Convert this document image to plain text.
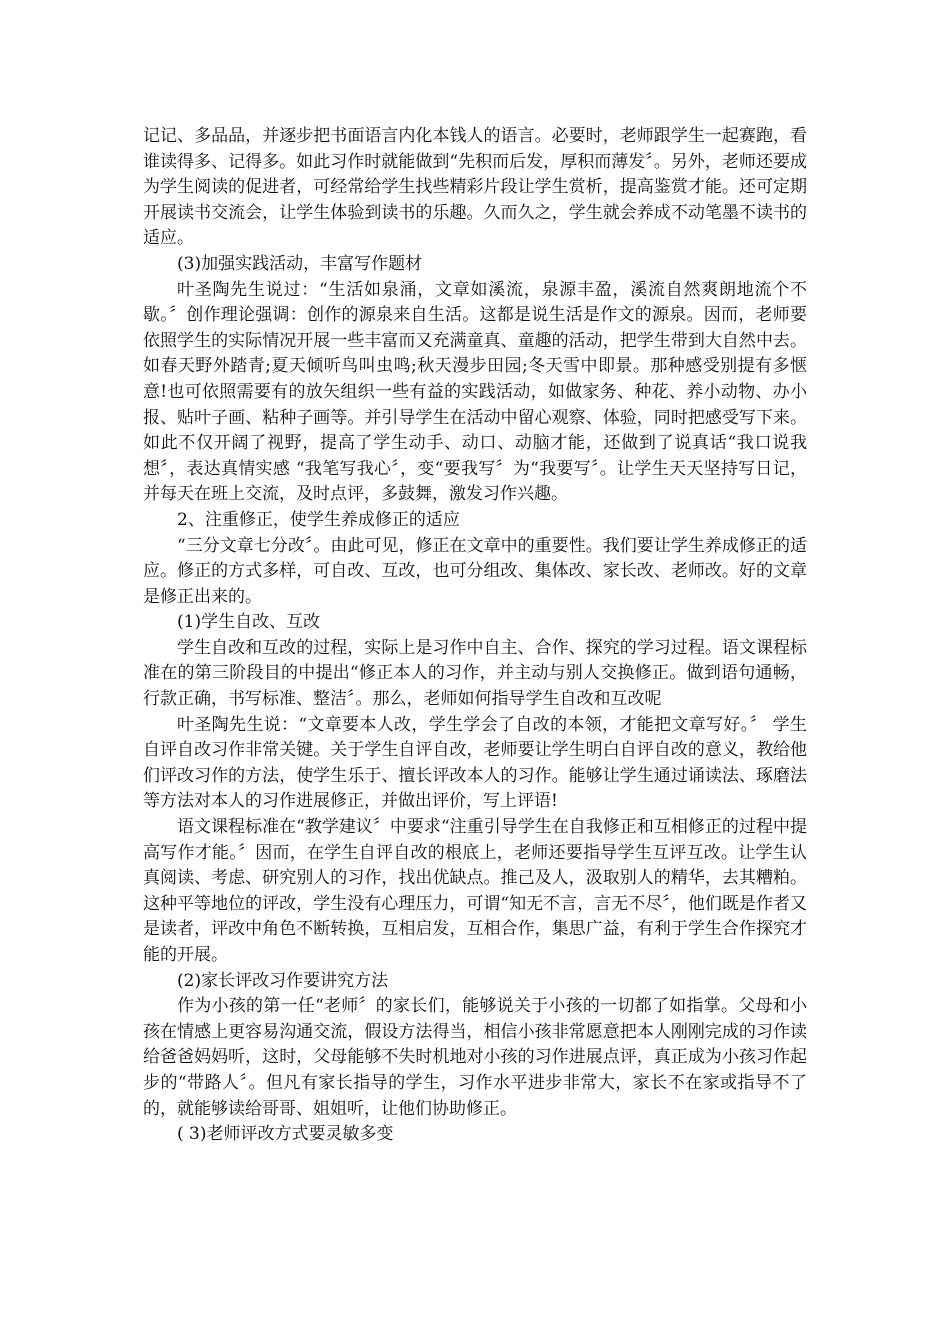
记记、多品品，并逐步把书面语言内化本钱人的语言。必要时，老师跟学生一起赛跑，看谁读得多、记得多。如此习作时就能做到“先积而后发，厚积而薄发〞。另外，老师还要成为学生阅读的促进者，可经常给学生找些精彩片段让学生赏析，提高鉴赏才能。还可定期开展读书交流会，让学生体验到读书的乐趣。久而久之，学生就会养成不动笔墨不读书的适应。

(3)加强实践活动，丰富写作题材

叶圣陶先生说过：“生活如泉涌，文章如溪流，泉源丰盈，溪流自然爽朗地流个不歇。〞创作理论强调：创作的源泉来自生活。这都是说生活是作文的源泉。因而，老师要依照学生的实际情况开展一些丰富而又充满童真、童趣的活动，把学生带到大自然中去。如春天野外踏青;夏天倾听鸟叫虫鸣;秋天漫步田园;冬天雪中即景。那种感受别提有多惬意!也可依照需要有的放矢组织一些有益的实践活动，如做家务、种花、养小动物、办小报、贴叶子画、粘种子画等。并引导学生在活动中留心观察、体验，同时把感受写下来。如此不仅开阔了视野，提高了学生动手、动口、动脑才能，还做到了说真话“我口说我想〞，表达真情实感 “我笔写我心〞，变“要我写〞为“我要写〞。让学生天天坚持写日记，并每天在班上交流，及时点评，多鼓舞，激发习作兴趣。

2、注重修正，使学生养成修正的适应

“三分文章七分改〞。由此可见，修正在文章中的重要性。我们要让学生养成修正的适应。修正的方式多样，可自改、互改，也可分组改、集体改、家长改、老师改。好的文章是修正出来的。

(1)学生自改、互改

学生自改和互改的过程，实际上是习作中自主、合作、探究的学习过程。语文课程标准在的第三阶段目的中提出“修正本人的习作，并主动与别人交换修正。做到语句通畅，行款正确，书写标准、整洁〞。那么，老师如何指导学生自改和互改呢

叶圣陶先生说：“文章要本人改，学生学会了自改的本领，才能把文章写好。〞 学生自评自改习作非常关键。关于学生自评自改，老师要让学生明白自评自改的意义，教给他们评改习作的方法，使学生乐于、擅长评改本人的习作。能够让学生通过诵读法、琢磨法等方法对本人的习作进展修正，并做出评价，写上评语!

语文课程标准在“教学建议〞中要求“注重引导学生在自我修正和互相修正的过程中提高写作才能。〞因而，在学生自评自改的根底上，老师还要指导学生互评互改。让学生认真阅读、考虑、研究别人的习作，找出优缺点。推己及人，汲取别人的精华，去其糟粕。这种平等地位的评改，学生没有心理压力，可谓“知无不言，言无不尽〞，他们既是作者又是读者，评改中角色不断转换，互相启发，互相合作，集思广益，有利于学生合作探究才能的开展。

(2)家长评改习作要讲究方法

作为小孩的第一任“老师〞的家长们，能够说关于小孩的一切都了如指掌。父母和小孩在情感上更容易沟通交流，假设方法得当，相信小孩非常愿意把本人刚刚完成的习作读给爸爸妈妈听，这时，父母能够不失时机地对小孩的习作进展点评，真正成为小孩习作起步的“带路人〞。但凡有家长指导的学生，习作水平进步非常大，家长不在家或指导不了的，就能够读给哥哥、姐姐听，让他们协助修正。

( 3)老师评改方式要灵敏多变
